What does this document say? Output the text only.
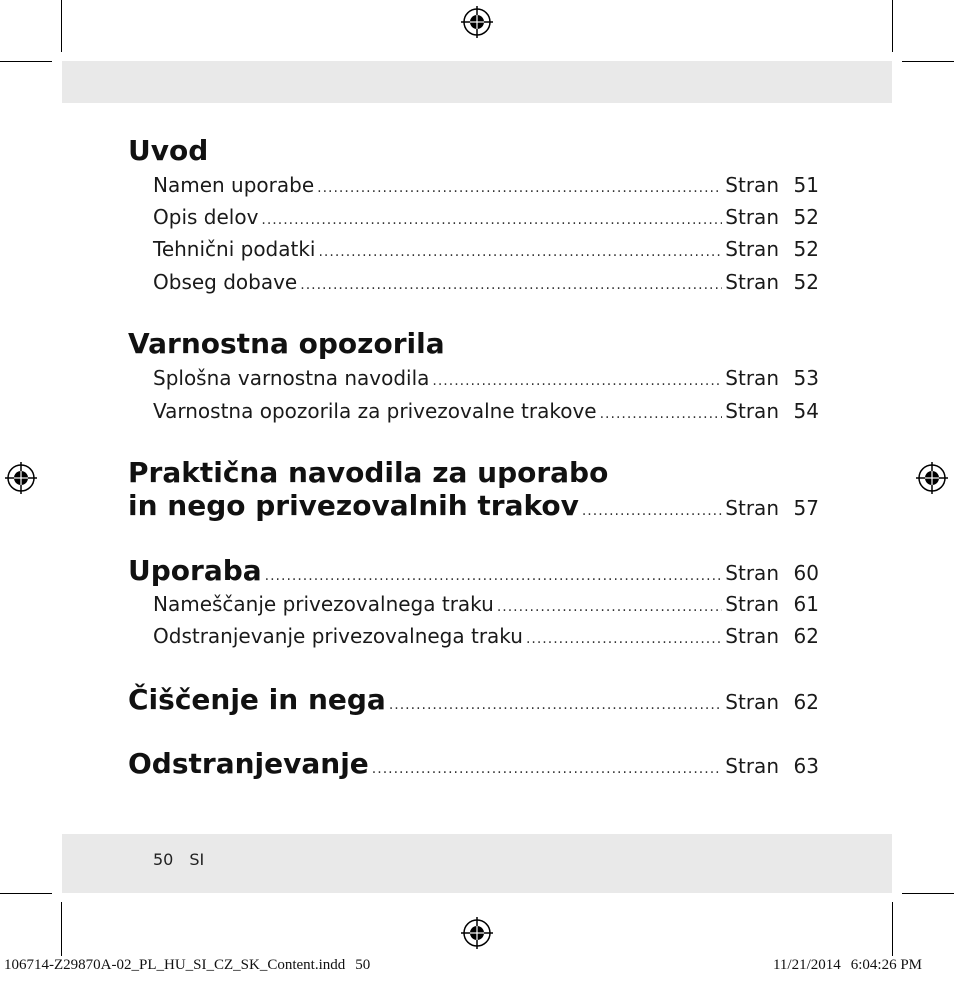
Uvod
Namen uporabe .....	Stran 51
Opis delov .....	Stran 52
Tehnični podatki .....	Stran 52
Obseg dobave .....	Stran 52
Varnostna opozorila
Splošna varnostna navodila .....	Stran 53
Varnostna opozorila za privezovalne trakove .....	Stran 54
Praktična navodila za uporabo
in nego privezovalnih trakov .....	Stran 57
Uporaba .....	Stran 60
Nameščanje privezovalnega traku .....	Stran 61
Odstranjevanje privezovalnega traku .....	Stran 62
Čiščenje in nega .....	Stran 62
Odstranjevanje .....	Stran 63
50 SI
106714-Z29870A-02_PL_HU_SI_CZ_SK_Content.indd 50	11/21/2014 6:04:26 PM
